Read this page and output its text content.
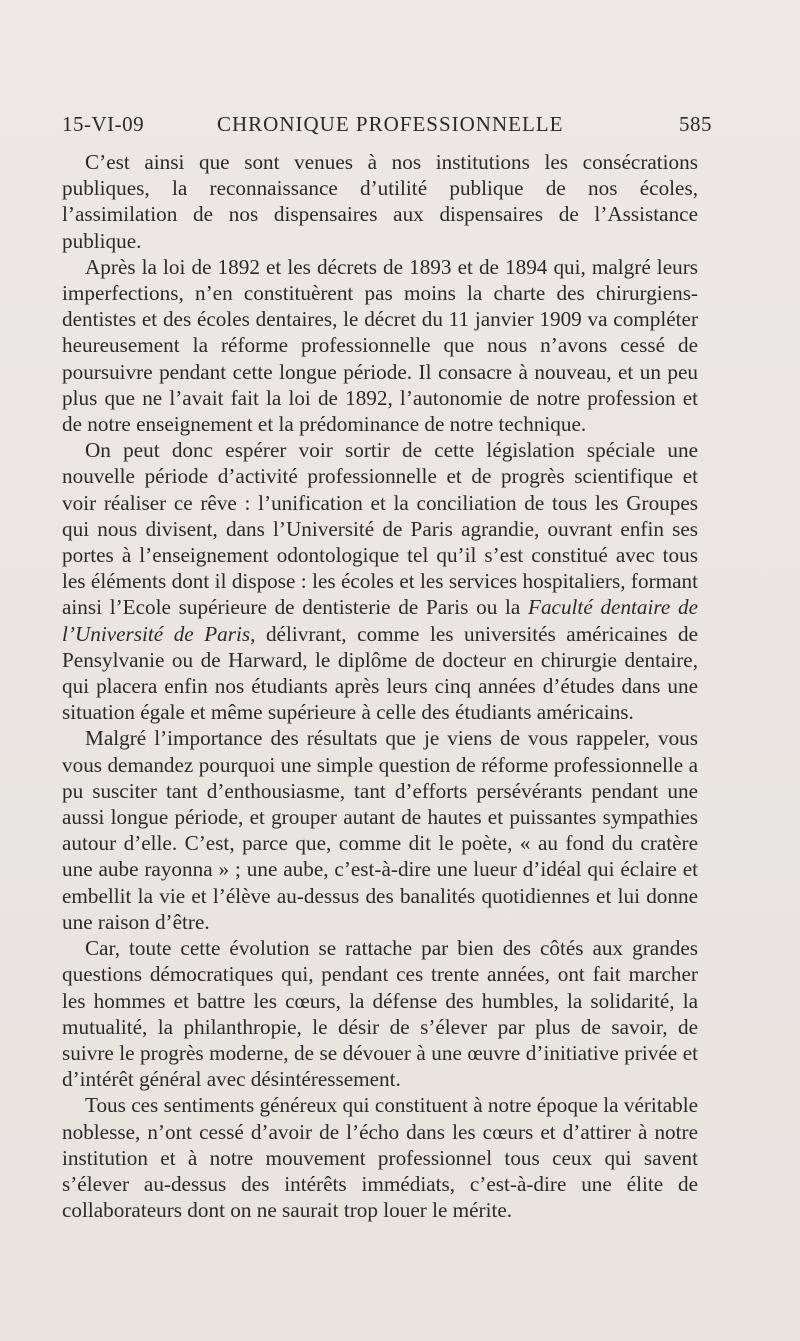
15-VI-09	CHRONIQUE PROFESSIONNELLE	585

C’est ainsi que sont venues à nos institutions les consécrations publiques, la reconnaissance d’utilité publique de nos écoles, l’assimilation de nos dispensaires aux dispensaires de l’Assistance publique.

Après la loi de 1892 et les décrets de 1893 et de 1894 qui, malgré leurs imperfections, n’en constituèrent pas moins la charte des chirurgiens-dentistes et des écoles dentaires, le décret du 11 janvier 1909 va compléter heureusement la réforme professionnelle que nous n’avons cessé de poursuivre pendant cette longue période. Il consacre à nouveau, et un peu plus que ne l’avait fait la loi de 1892, l’autonomie de notre profession et de notre enseignement et la prédominance de notre technique.

On peut donc espérer voir sortir de cette législation spéciale une nouvelle période d’activité professionnelle et de progrès scientifique et voir réaliser ce rêve : l’unification et la conciliation de tous les Groupes qui nous divisent, dans l’Université de Paris agrandie, ouvrant enfin ses portes à l’enseignement odontologique tel qu’il s’est constitué avec tous les éléments dont il dispose : les écoles et les services hospitaliers, formant ainsi l’Ecole supérieure de dentisterie de Paris ou la Faculté dentaire de l’Université de Paris, délivrant, comme les universités américaines de Pensylvanie ou de Harward, le diplôme de docteur en chirurgie dentaire, qui placera enfin nos étudiants après leurs cinq années d’études dans une situation égale et même supérieure à celle des étudiants américains.

Malgré l’importance des résultats que je viens de vous rappeler, vous vous demandez pourquoi une simple question de réforme professionnelle a pu susciter tant d’enthousiasme, tant d’efforts persévérants pendant une aussi longue période, et grouper autant de hautes et puissantes sympathies autour d’elle. C’est, parce que, comme dit le poète, « au fond du cratère une aube rayonna » ; une aube, c’est-à-dire une lueur d’idéal qui éclaire et embellit la vie et l’élève au-dessus des banalités quotidiennes et lui donne une raison d’être.

Car, toute cette évolution se rattache par bien des côtés aux grandes questions démocratiques qui, pendant ces trente années, ont fait marcher les hommes et battre les cœurs, la défense des humbles, la solidarité, la mutualité, la philanthropie, le désir de s’élever par plus de savoir, de suivre le progrès moderne, de se dévouer à une œuvre d’initiative privée et d’intérêt général avec désintéressement.

Tous ces sentiments généreux qui constituent à notre époque la véritable noblesse, n’ont cessé d’avoir de l’écho dans les cœurs et d’attirer à notre institution et à notre mouvement professionnel tous ceux qui savent s’élever au-dessus des intérêts immédiats, c’est-à-dire une élite de collaborateurs dont on ne saurait trop louer le mérite.
